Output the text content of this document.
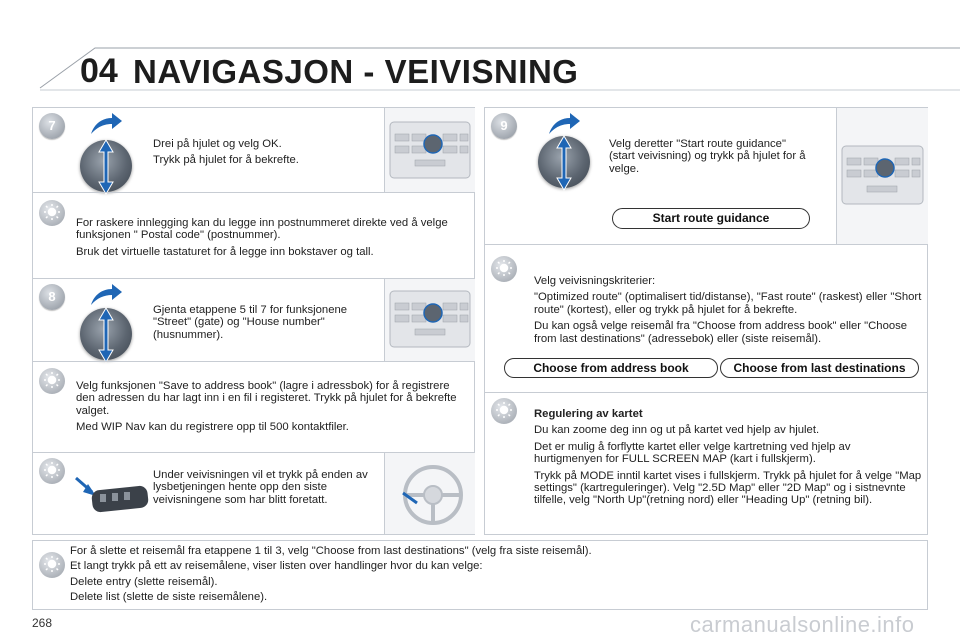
04 NAVIGASJON - VEIVISNING
7

Drei på hjulet og velg OK.

Trykk på hjulet for å bekrefte.

For raskere innlegging kan du legge inn postnummeret direkte ved å velge funksjonen " Postal code" (postnummer).

Bruk det virtuelle tastaturet for å legge inn bokstaver og tall.

8
Gjenta etappene 5 til 7 for funksjonene "Street" (gate) og "House number" (husnummer).

Velg funksjonen "Save to address book" (lagre i adressbok) for å registrere den adressen du har lagt inn i en fil i registeret. Trykk på hjulet for å bekrefte valget.

Med WIP Nav kan du registrere opp til 500 kontaktfiler.

Under veivisningen vil et trykk på enden av lysbetjeningen hente opp den siste veivisningene som har blitt foretatt.
9
Velg deretter "Start route guidance" (start veivisning) og trykk på hjulet for å velge.
Start route guidance

Velg veivisningskriterier:

"Optimized route" (optimalisert tid/distanse), "Fast route" (raskest) eller "Short route" (kortest), eller og trykk på hjulet for å bekrefte.

Du kan også velge reisemål fra "Choose from address book" eller "Choose from last destinations" (adressebok) eller (siste reisemål).

Choose from address book	Choose from last destinations

Regulering av kartet

Du kan zoome deg inn og ut på kartet ved hjelp av hjulet.

Det er mulig å forflytte kartet eller velge kartretning ved hjelp av hurtigmenyen for FULL SCREEN MAP (kart i fullskjerm).

Trykk på MODE inntil kartet vises i fullskjerm. Trykk på hjulet for å velge "Map settings" (kartreguleringer). Velg "2.5D Map" eller "2D Map" og i sistnevnte tilfelle, velg "North Up"(retning nord) eller "Heading Up" (retning bil).

For å slette et reisemål fra etappene 1 til 3, velg "Choose from last destinations" (velg fra siste reisemål).

Et langt trykk på ett av reisemålene, viser listen over handlinger hvor du kan velge:

Delete entry (slette reisemål).

Delete list (slette de siste reisemålene).

268	carmanualsonline.info
